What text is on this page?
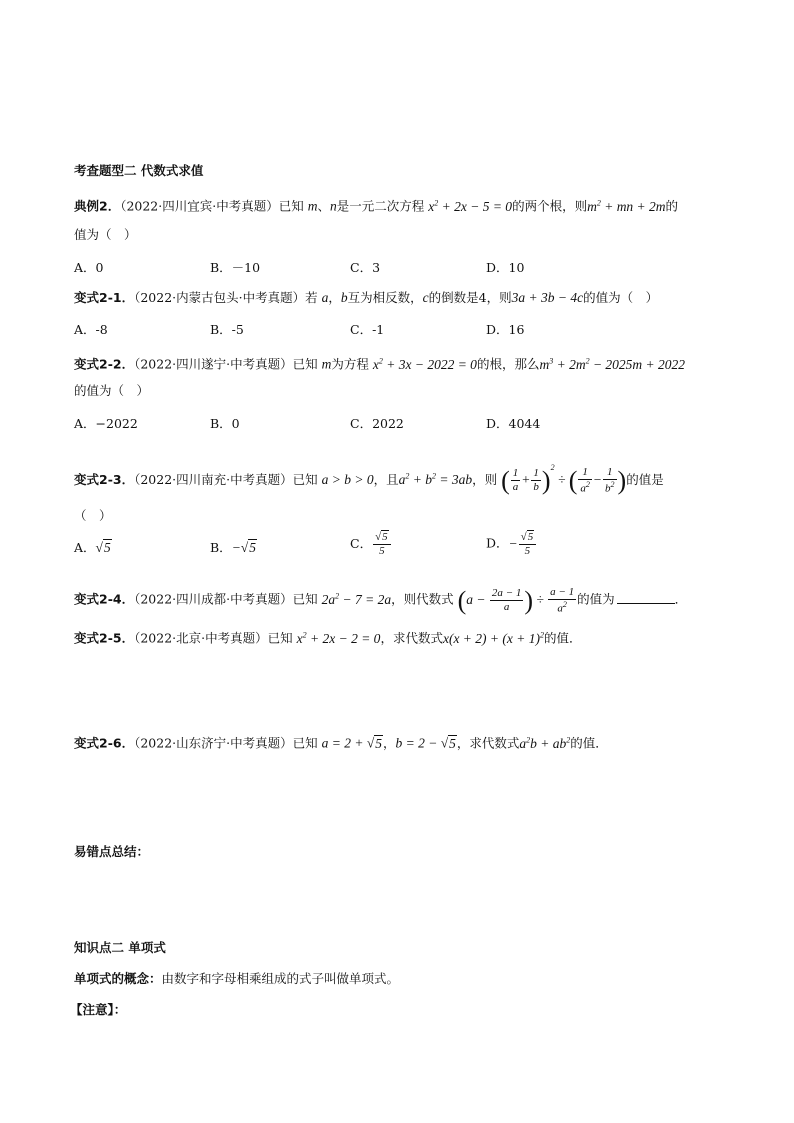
考查题型二 代数式求值
典例2．（2022·四川宜宾·中考真题）已知 m、n是一元二次方程 $x^2 + 2x - 5 = 0$的两个根，则$m^2$ + mn + 2m的
值为（　）
A．0	B．－10	C．3	D．10
变式2-1．（2022·内蒙古包头·中考真题）若 a，b互为相反数，c的倒数是4，则3a + 3b − 4c的值为（　）
A．-8	B．-5	C．-1	D．16
变式2-2．（2022·四川遂宁·中考真题）已知 m为方程 $x^2 + 3x - 2022 = 0$的根，那么$m^3 + 2m^2 - 2025m + 2022$
的值为（　）
A．−2022	B．0	C．2022	D．4044
变式2-3．（2022·四川南充·中考真题）已知 a > b > 0，且$a^2 + b^2 = 3ab$，则 ( $\frac{1}{a} + \frac{1}{b} )^2$ ÷ ( $\frac{1}{a^2} - \frac{1}{b^2}$ )的值是
（　）
A．√5	B．−√5	C． $\frac{√5}{5}$	D．− $\frac{√5}{5}$
变式2-4．（2022·四川成都·中考真题）已知 $2a^2 - 7 = 2a$，则代数式 ($a - \frac{2a - 1}{a}$ ) ÷ $\frac{a - 1}{a^2}$ 的值为	．
变式2-5．（2022·北京·中考真题）已知 $x^2 + 2x - 2 = 0$，求代数式$x(x + 2) + (x + 1)^2$的值．
变式2-6．（2022·山东济宁·中考真题）已知 a = 2 + √5，b = 2 − √5，求代数式$a^2b + ab^2$的值．
易错点总结：
知识点二 单项式
单项式的概念：由数字和字母相乘组成的式子叫做单项式。
【注意】：
